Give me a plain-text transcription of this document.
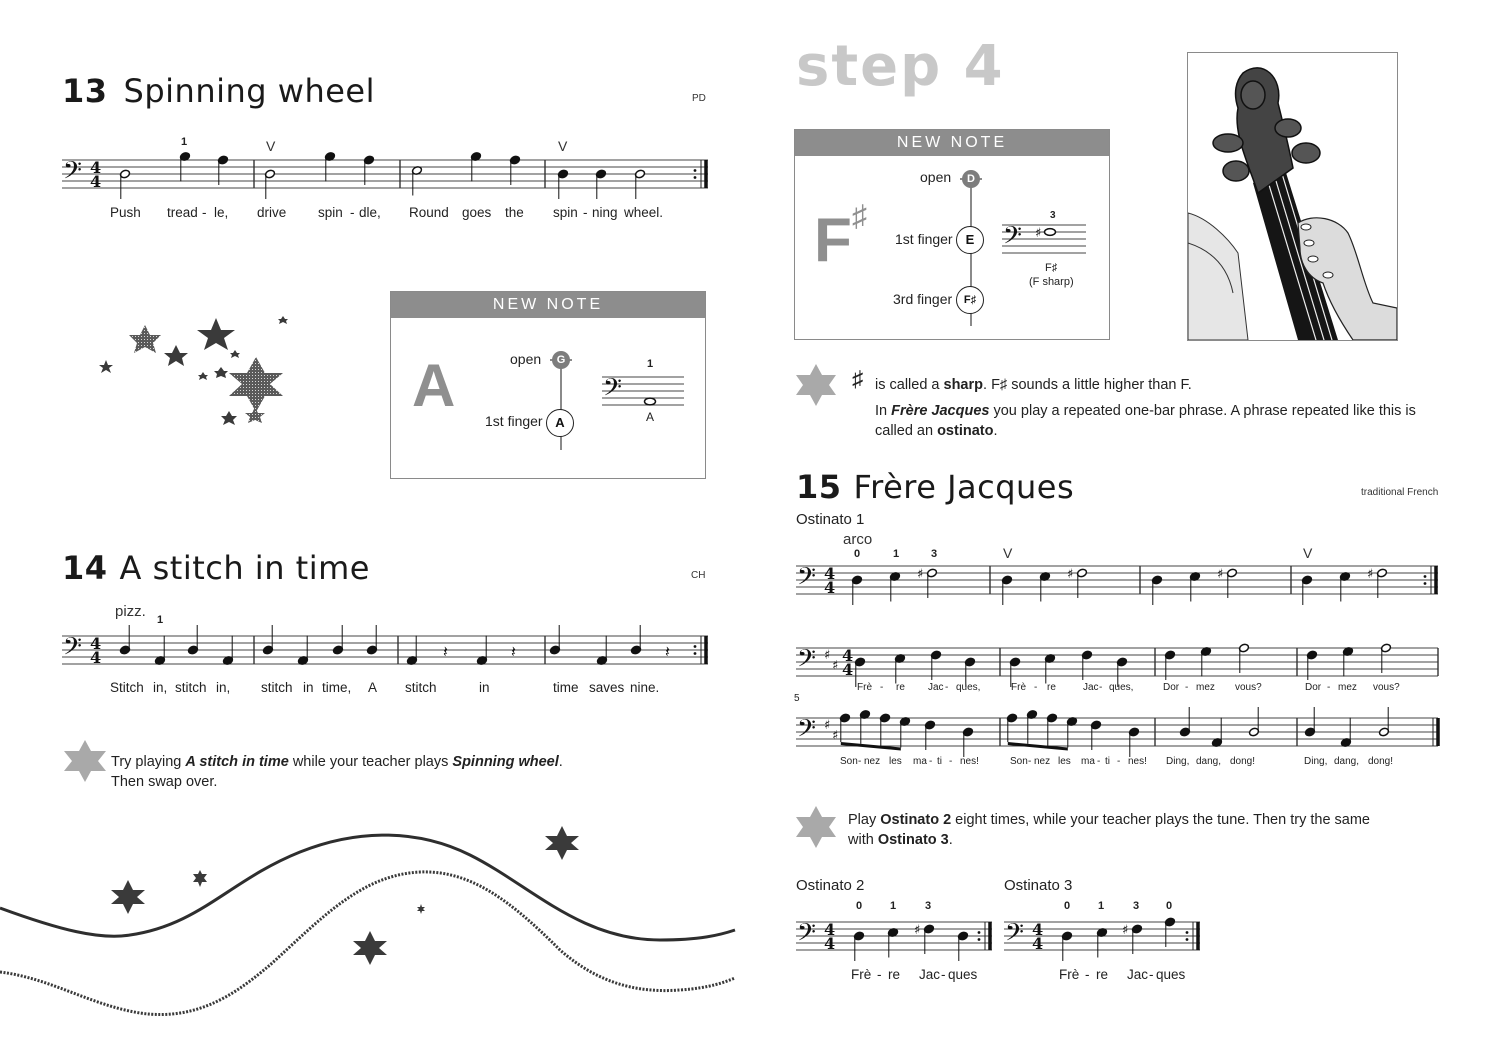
13 Spinning wheel	PD
𝄢 4
4
1	V	V
Push tread - le, drive spin - dle, Round goes the spin - ning wheel.
NEW NOTE
A	open	G
1st finger A
𝄢
1
A
14 A stitch in time	CH
pizz. 1
𝄢 4
4	𝄽	𝄽	𝄽
Stitch in, stitch in, stitch in time, A stitch	in	time saves nine.
Try playing A stitch in time while your teacher plays Spinning wheel.
Then swap over.
step 4
NEW NOTE
F ♯
open	D
1st finger	E
3rd finger	F♯
𝄢 ♯
3
F♯
(F sharp)
♯ is called a sharp. F♯ sounds a little higher than F.
In Frère Jacques you play a repeated one-bar phrase. A phrase repeated like this is
called an ostinato.
15 Frère Jacques	traditional French
Ostinato 1
arco
0	1	3	V	V
𝄢 4
4
♯	♯	♯	♯
𝄢 ♯
♯
4
4
Frè - re Jac - ques,	Frè - re	Jac - ques,	Dor - mez vous?	Dor - mez vous?
5
𝄢 ♯
♯
Son - nez les ma - ti - nes!	Son - nez les ma - ti - nes! Ding, dang, dong!	Ding, dang, dong!
Play Ostinato 2 eight times, while your teacher plays the tune. Then try the same
with Ostinato 3.
Ostinato 2
0	1	3
𝄢 4
4
♯
Frè - re Jac - ques
Ostinato 3
0	1	3 0
𝄢 4
4
♯
Frè - re Jac - ques
